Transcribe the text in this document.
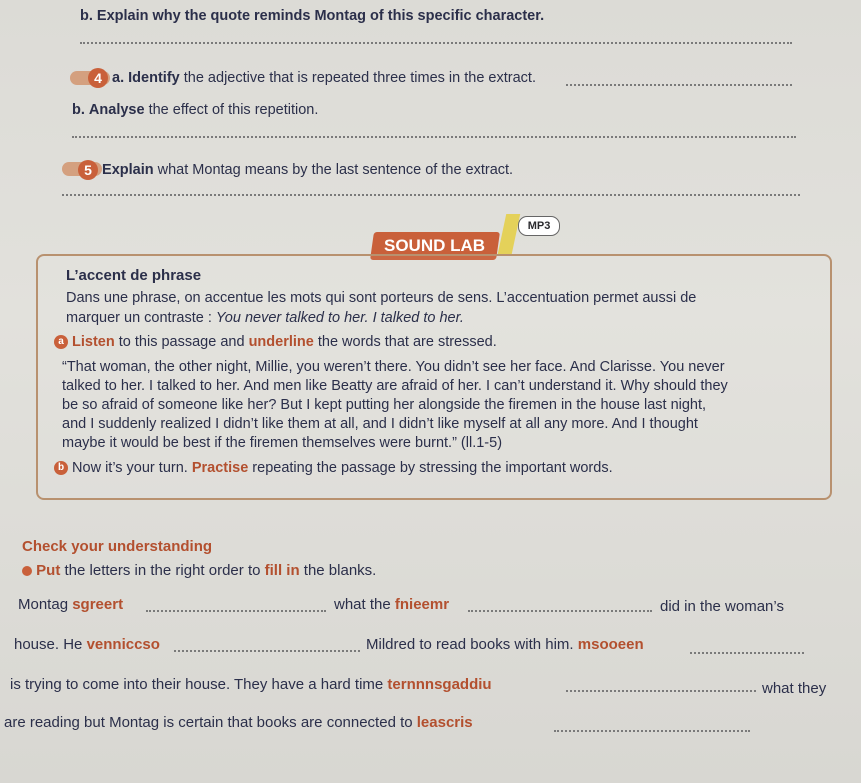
b. Explain why the quote reminds Montag of this specific character.
4 a. Identify the adjective that is repeated three times in the extract.
b. Analyse the effect of this repetition.
5 Explain what Montag means by the last sentence of the extract.
SOUND LAB
MP3
L’accent de phrase
Dans une phrase, on accentue les mots qui sont porteurs de sens. L’accentuation permet aussi de
marquer un contraste : You never talked to her. I talked to her.
a Listen to this passage and underline the words that are stressed.
“That woman, the other night, Millie, you weren’t there. You didn’t see her face. And Clarisse. You never
talked to her. I talked to her. And men like Beatty are afraid of her. I can’t understand it. Why should they
be so afraid of someone like her? But I kept putting her alongside the firemen in the house last night,
and I suddenly realized I didn’t like them at all, and I didn’t like myself at all any more. And I thought
maybe it would be best if the firemen themselves were burnt.” (ll.1-5)
b Now it’s your turn. Practise repeating the passage by stressing the important words.
Check your understanding
Put the letters in the right order to fill in the blanks.
Montag sgreert	what the fnieemr	did in the woman’s
house. He venniccso	Mildred to read books with him. msooeen
is trying to come into their house. They have a hard time ternnnsgaddiu	what they
are reading but Montag is certain that books are connected to leascris
